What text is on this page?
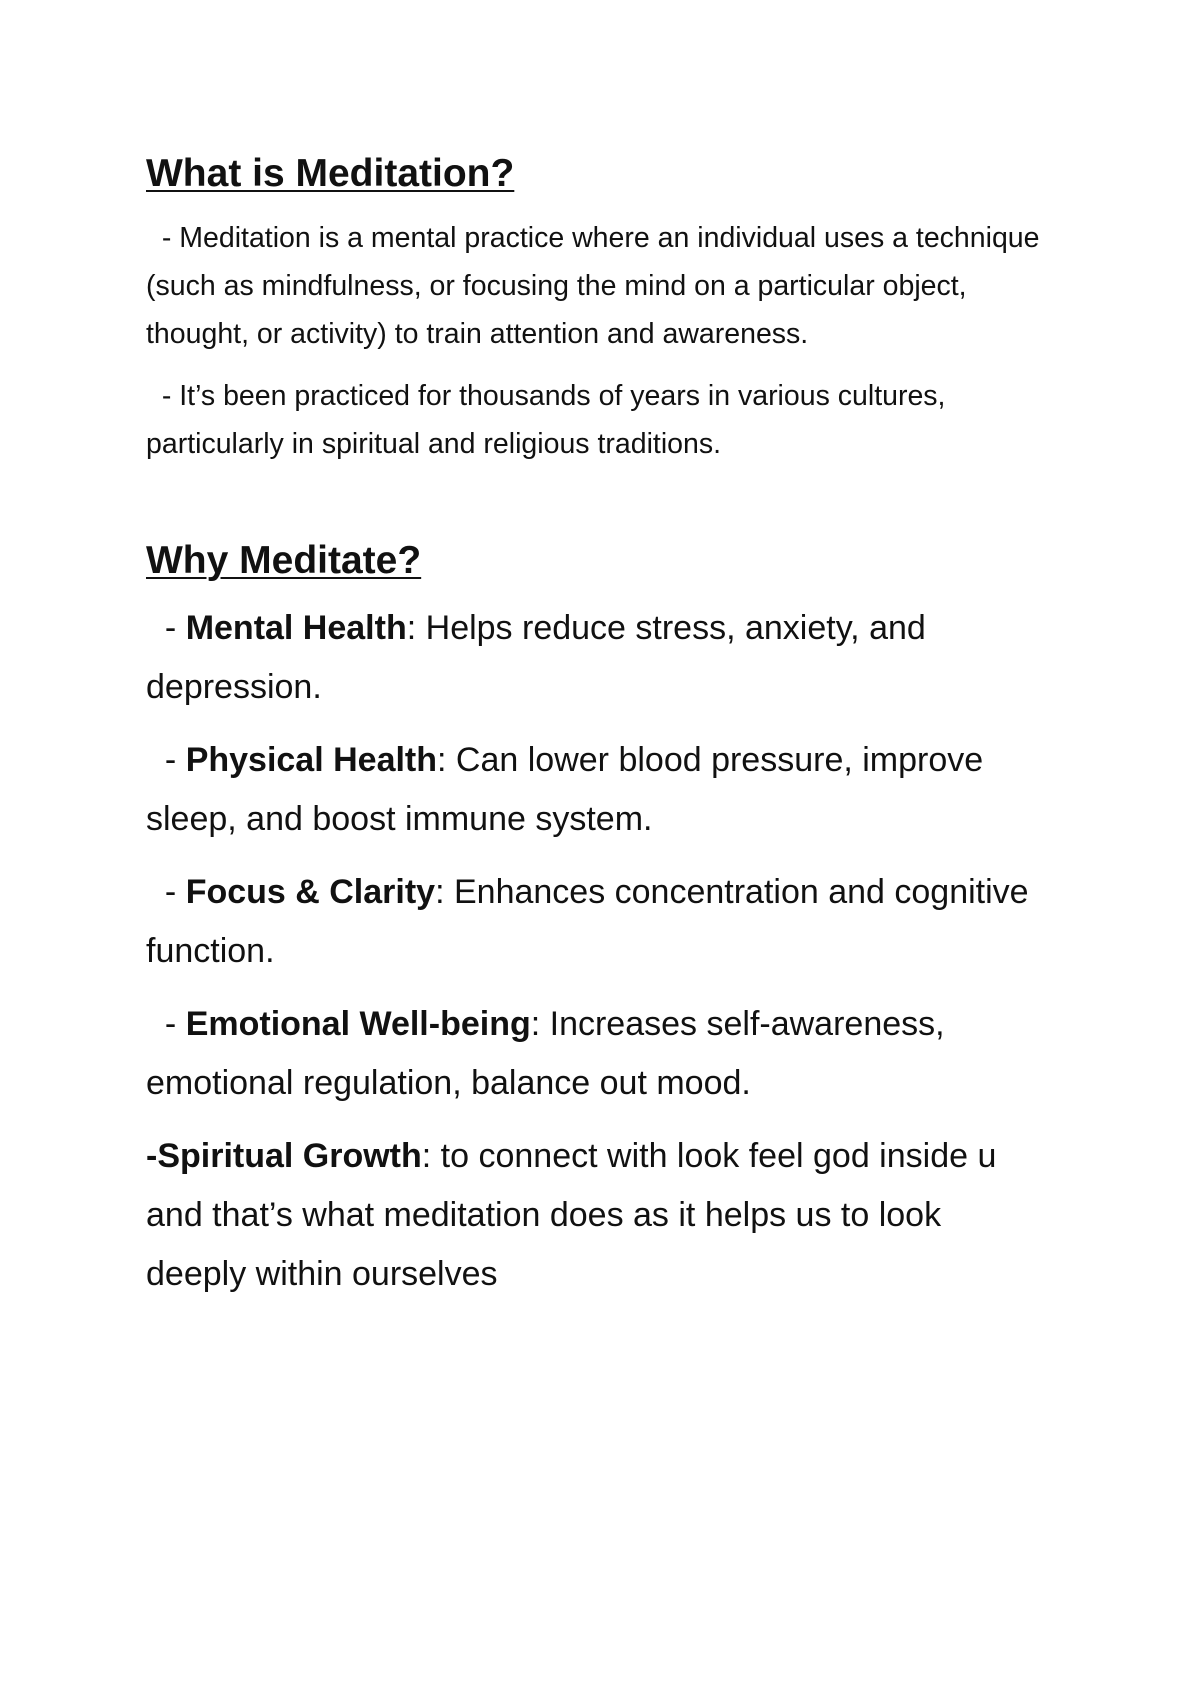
What is Meditation?

- Meditation is a mental practice where an individual uses a technique (such as mindfulness, or focusing the mind on a particular object, thought, or activity) to train attention and awareness.

- It’s been practiced for thousands of years in various cultures, particularly in spiritual and religious traditions.

Why Meditate?

- Mental Health: Helps reduce stress, anxiety, and depression.

- Physical Health: Can lower blood pressure, improve sleep, and boost immune system.

- Focus & Clarity: Enhances concentration and cognitive function.

- Emotional Well-being: Increases self-awareness, emotional regulation, balance out mood.

-Spiritual Growth: to connect with look feel god inside u and that’s what meditation does as it helps us to look deeply within ourselves
